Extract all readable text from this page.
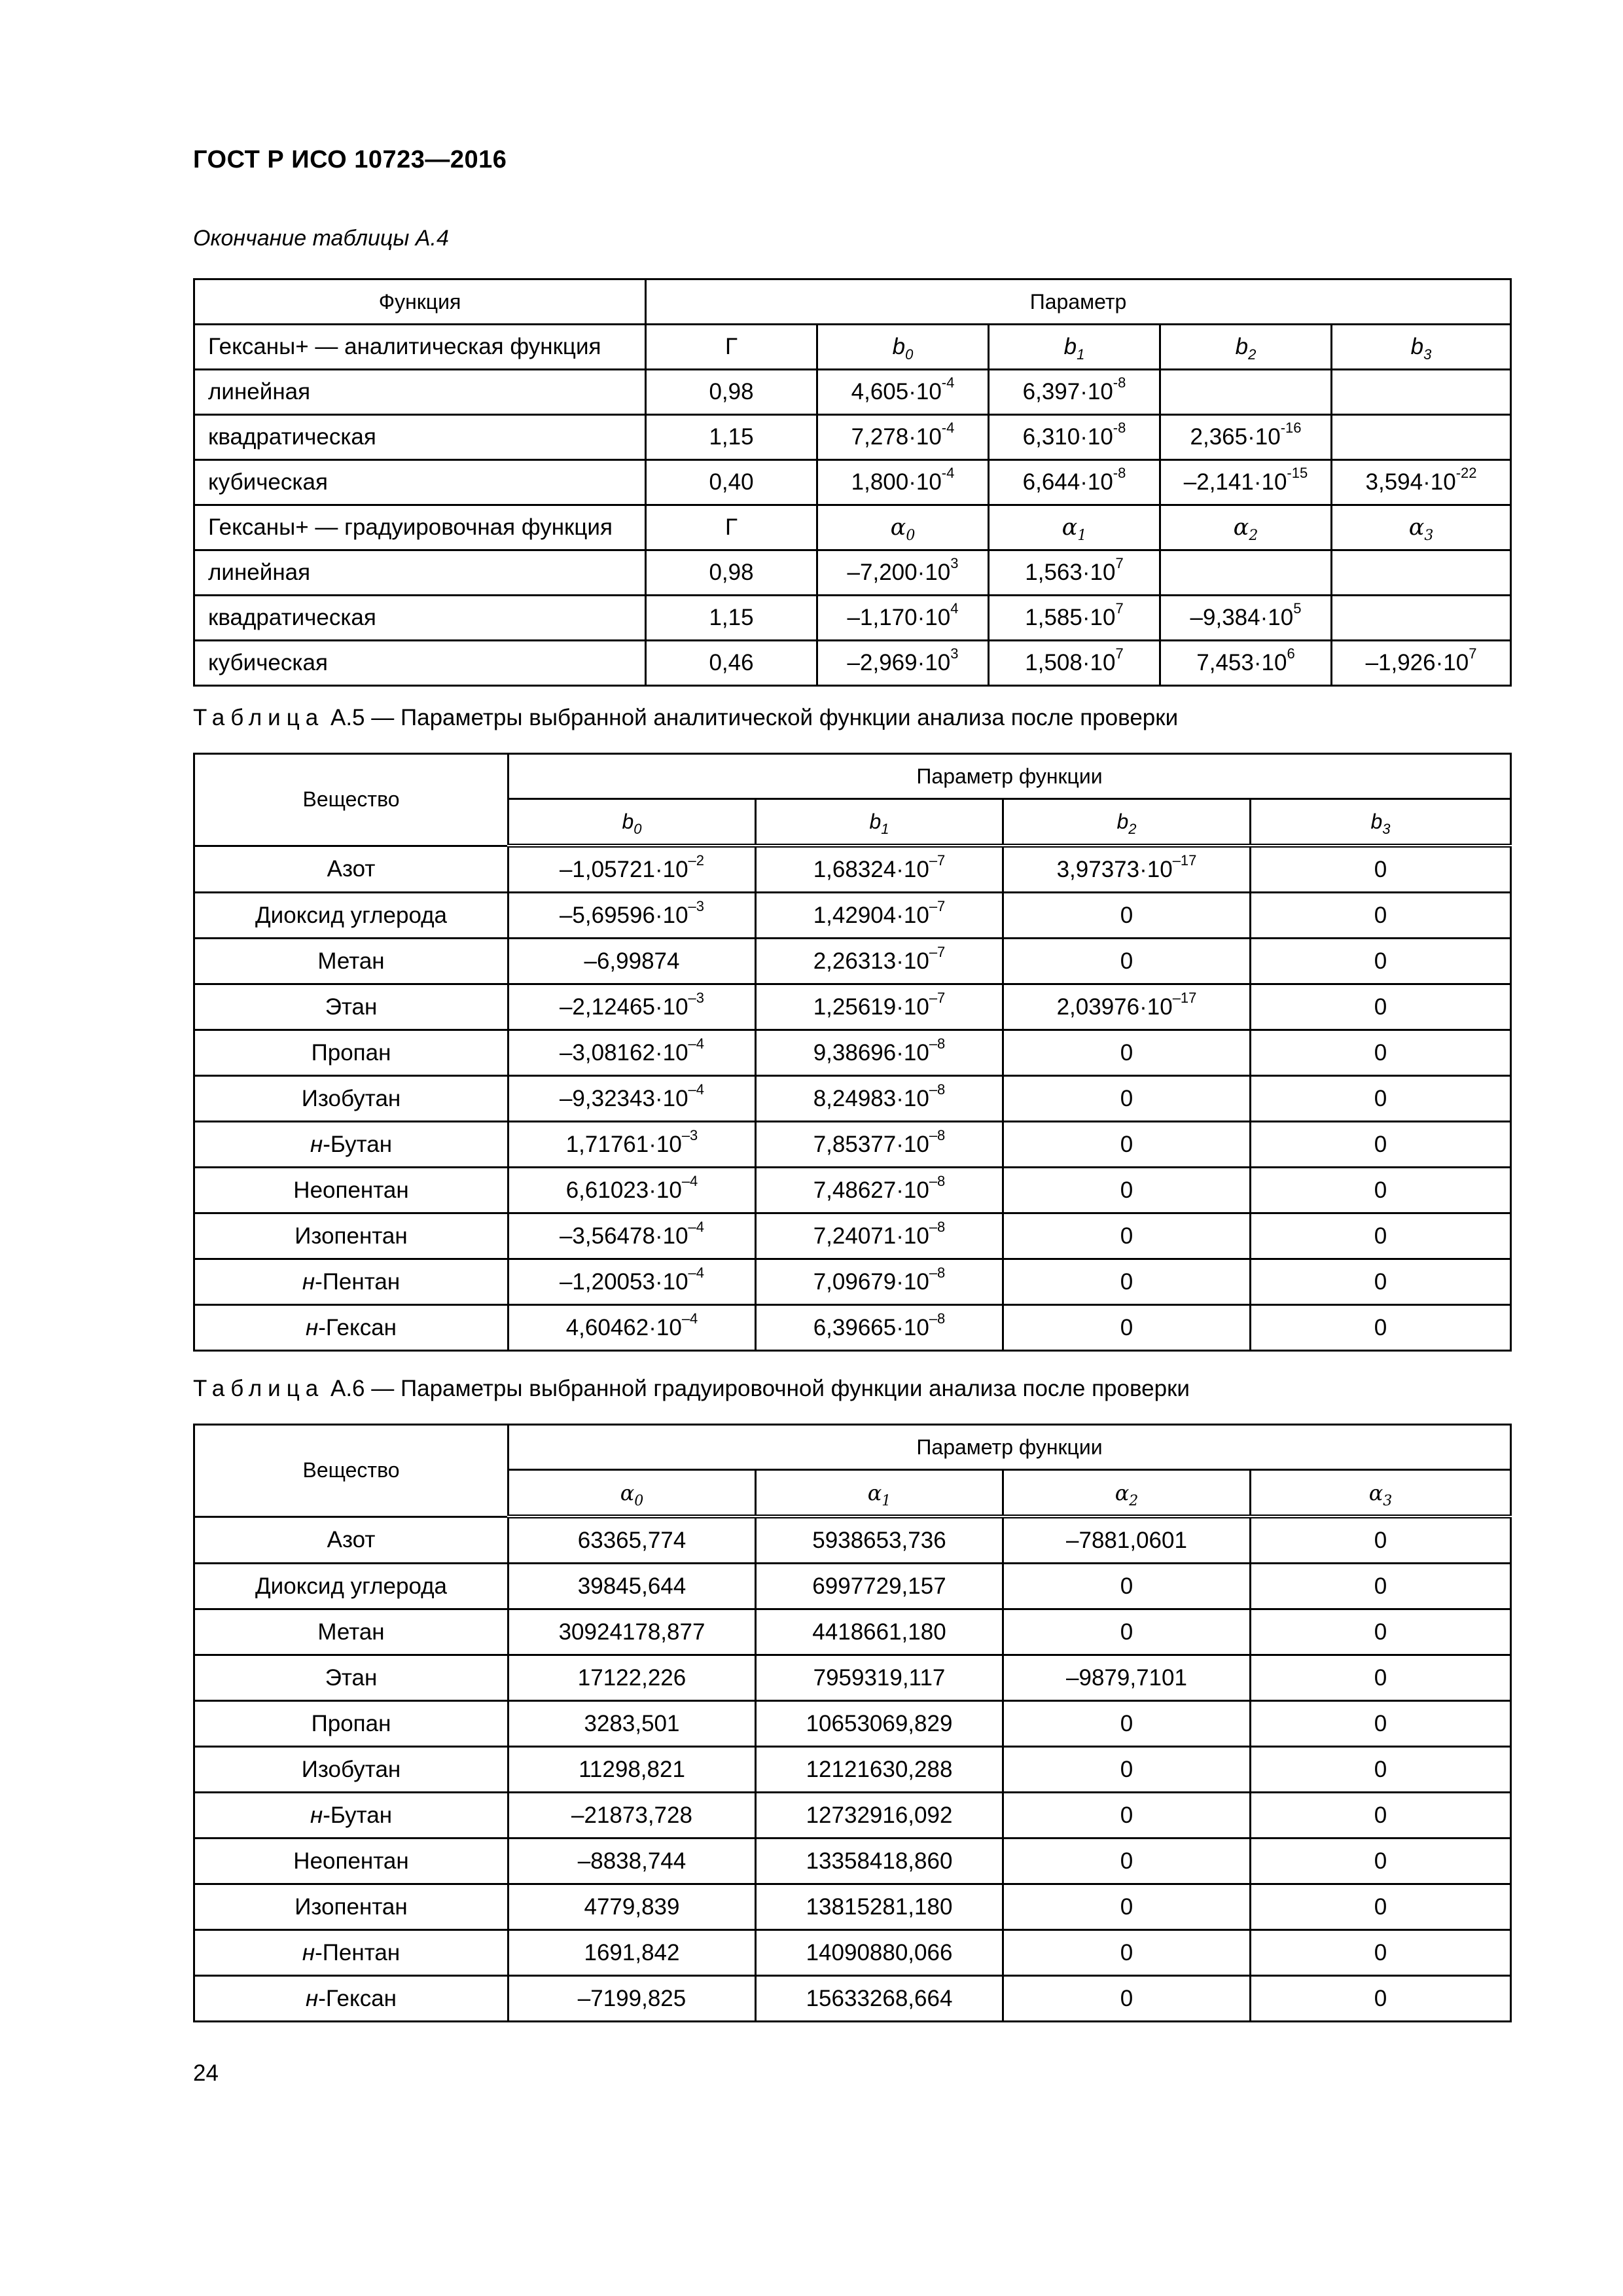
ГОСТ Р ИСО 10723—2016
Окончание таблицы А.4
Функция	Параметр				
Гексаны+ — аналитическая функция	Г	$b_0$	$b_1$	$b_2$	$b_3$
линейная	0,98	$4,605\cdot 10^{-4}$	$6,397\cdot 10^{-8}$		
квадратическая	1,15	$7,278\cdot 10^{-4}$	$6,310\cdot 10^{-8}$	$2,365\cdot 10^{-16}$	
кубическая	0,40	$1,800\cdot 10^{-4}$	$6,644\cdot 10^{-8}$	$-2,141\cdot 10^{-15}$	$3,594\cdot 10^{-22}$
Гексаны+ — градуировочная функция	Г	$\alpha_0$	$\alpha_1$	$\alpha_2$	$\alpha_3$
линейная	0,98	$-7,200\cdot 10^3$	$1,563\cdot 10^7$		
квадратическая	1,15	$-1,170\cdot 10^4$	$1,585\cdot 10^7$	$-9,384\cdot 10^5$	
кубическая	0,46	$-2,969\cdot 10^3$	$1,508\cdot 10^7$	$7,453\cdot 10^6$	$-1,926\cdot 10^7$
Таблица А.5 — Параметры выбранной аналитической функции анализа после проверки
Вещество	Параметр функции			
	$b_0$	$b_1$	$b_2$	$b_3$
Азот	$-1,05721\cdot 10^{-2}$	$1,68324\cdot 10^{-7}$	$3,97373\cdot 10^{-17}$	0
Диоксид углерода	$-5,69596\cdot 10^{-3}$	$1,42904\cdot 10^{-7}$	0	0
Метан	–6,99874	$2,26313\cdot 10^{-7}$	0	0
Этан	$-2,12465\cdot 10^{-3}$	$1,25619\cdot 10^{-7}$	$2,03976\cdot 10^{-17}$	0
Пропан	$-3,08162\cdot 10^{-4}$	$9,38696\cdot 10^{-8}$	0	0
Изобутан	$-9,32343\cdot 10^{-4}$	$8,24983\cdot 10^{-8}$	0	0
н-Бутан	$1,71761\cdot 10^{-3}$	$7,85377\cdot 10^{-8}$	0	0
Неопентан	$6,61023\cdot 10^{-4}$	$7,48627\cdot 10^{-8}$	0	0
Изопентан	$-3,56478\cdot 10^{-4}$	$7,24071\cdot 10^{-8}$	0	0
н-Пентан	$-1,20053\cdot 10^{-4}$	$7,09679\cdot 10^{-8}$	0	0
н-Гексан	$4,60462\cdot 10^{-4}$	$6,39665\cdot 10^{-8}$	0	0
Таблица А.6 — Параметры выбранной градуировочной функции анализа после проверки
Вещество	Параметр функции			
	$\alpha_0$	$\alpha_1$	$\alpha_2$	$\alpha_3$
Азот	63365,774	5938653,736	–7881,0601	0
Диоксид углерода	39845,644	6997729,157	0	0
Метан	30924178,877	4418661,180	0	0
Этан	17122,226	7959319,117	–9879,7101	0
Пропан	3283,501	10653069,829	0	0
Изобутан	11298,821	12121630,288	0	0
н-Бутан	–21873,728	12732916,092	0	0
Неопентан	–8838,744	13358418,860	0	0
Изопентан	4779,839	13815281,180	0	0
н-Пентан	1691,842	14090880,066	0	0
н-Гексан	–7199,825	15633268,664	0	0
24
